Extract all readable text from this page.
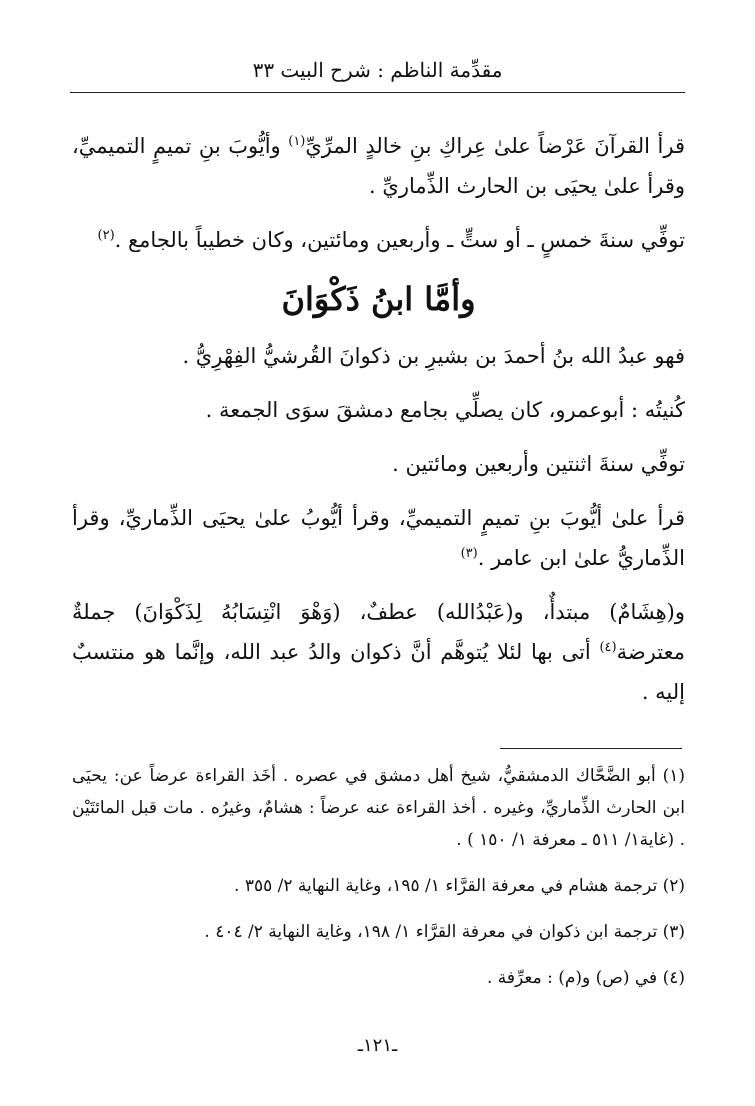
مقدِّمة الناظم : شرح البيت ٣٣

قرأ القرآنَ عَرْضاً علىٰ عِراكِ بنِ خالدٍ المرِّيِّ$^{(١)}$ وأيُّوبَ بنِ تميمٍ التميميِّ، وقرأ علىٰ يحيَى بن الحارث الذِّماريِّ .

توفِّي سنةَ خمسٍ ـ أو ستٍّ ـ وأربعين ومائتين، وكان خطيباً بالجامع .$^{(٢)}$

وأمَّا ابنُ ذَكْوَانَ

فهو عبدُ الله بنُ أحمدَ بن بشيرِ بن ذكوانَ القُرشيُّ الفِهْرِيُّ .

كُنيتُه : أبوعمرو، كان يصلِّي بجامع دمشقَ سوَى الجمعة .

توفِّي سنةَ اثنتين وأربعين ومائتين .

قرأ علىٰ أيُّوبَ بنِ تميمٍ التميميِّ، وقرأ أيُّوبُ علىٰ يحيَى الذِّماريِّ، وقرأ الذِّماريُّ علىٰ ابن عامر .$^{(٣)}$

و(هِشَامٌ) مبتدأٌ، و(عَبْدُالله) عطفٌ، (وَهْوَ انْتِسَابُهُ لِذَكْوَانَ) جملةٌ معترضة$^{(٤)}$ أتى بها لئلا يُتوهَّم أنَّ ذكوان والدُ عبد الله، وإنَّما هو منتسبٌ إليه .

(١) أبو الضَّحَّاك الدمشقيُّ، شيخ أهل دمشق في عصره . أخَذ القراءة عرضاً عن: يحيَى ابن الحارث الذِّماريِّ، وغيره . أخذ القراءة عنه عرضاً : هشامٌ، وغيرُه . مات قبل المائتَيْن . (غاية١/ ٥١١ ـ معرفة ١/ ١٥٠ ) .

(٢) ترجمة هشام في معرفة القرَّاء ١/ ١٩٥، وغاية النهاية ٢/ ٣٥٥ .

(٣) ترجمة ابن ذكوان في معرفة القرَّاء ١/ ١٩٨، وغاية النهاية ٢/ ٤٠٤ .

(٤) في (ص) و(م) : معرِّفة .

ـ١٢١ـ
